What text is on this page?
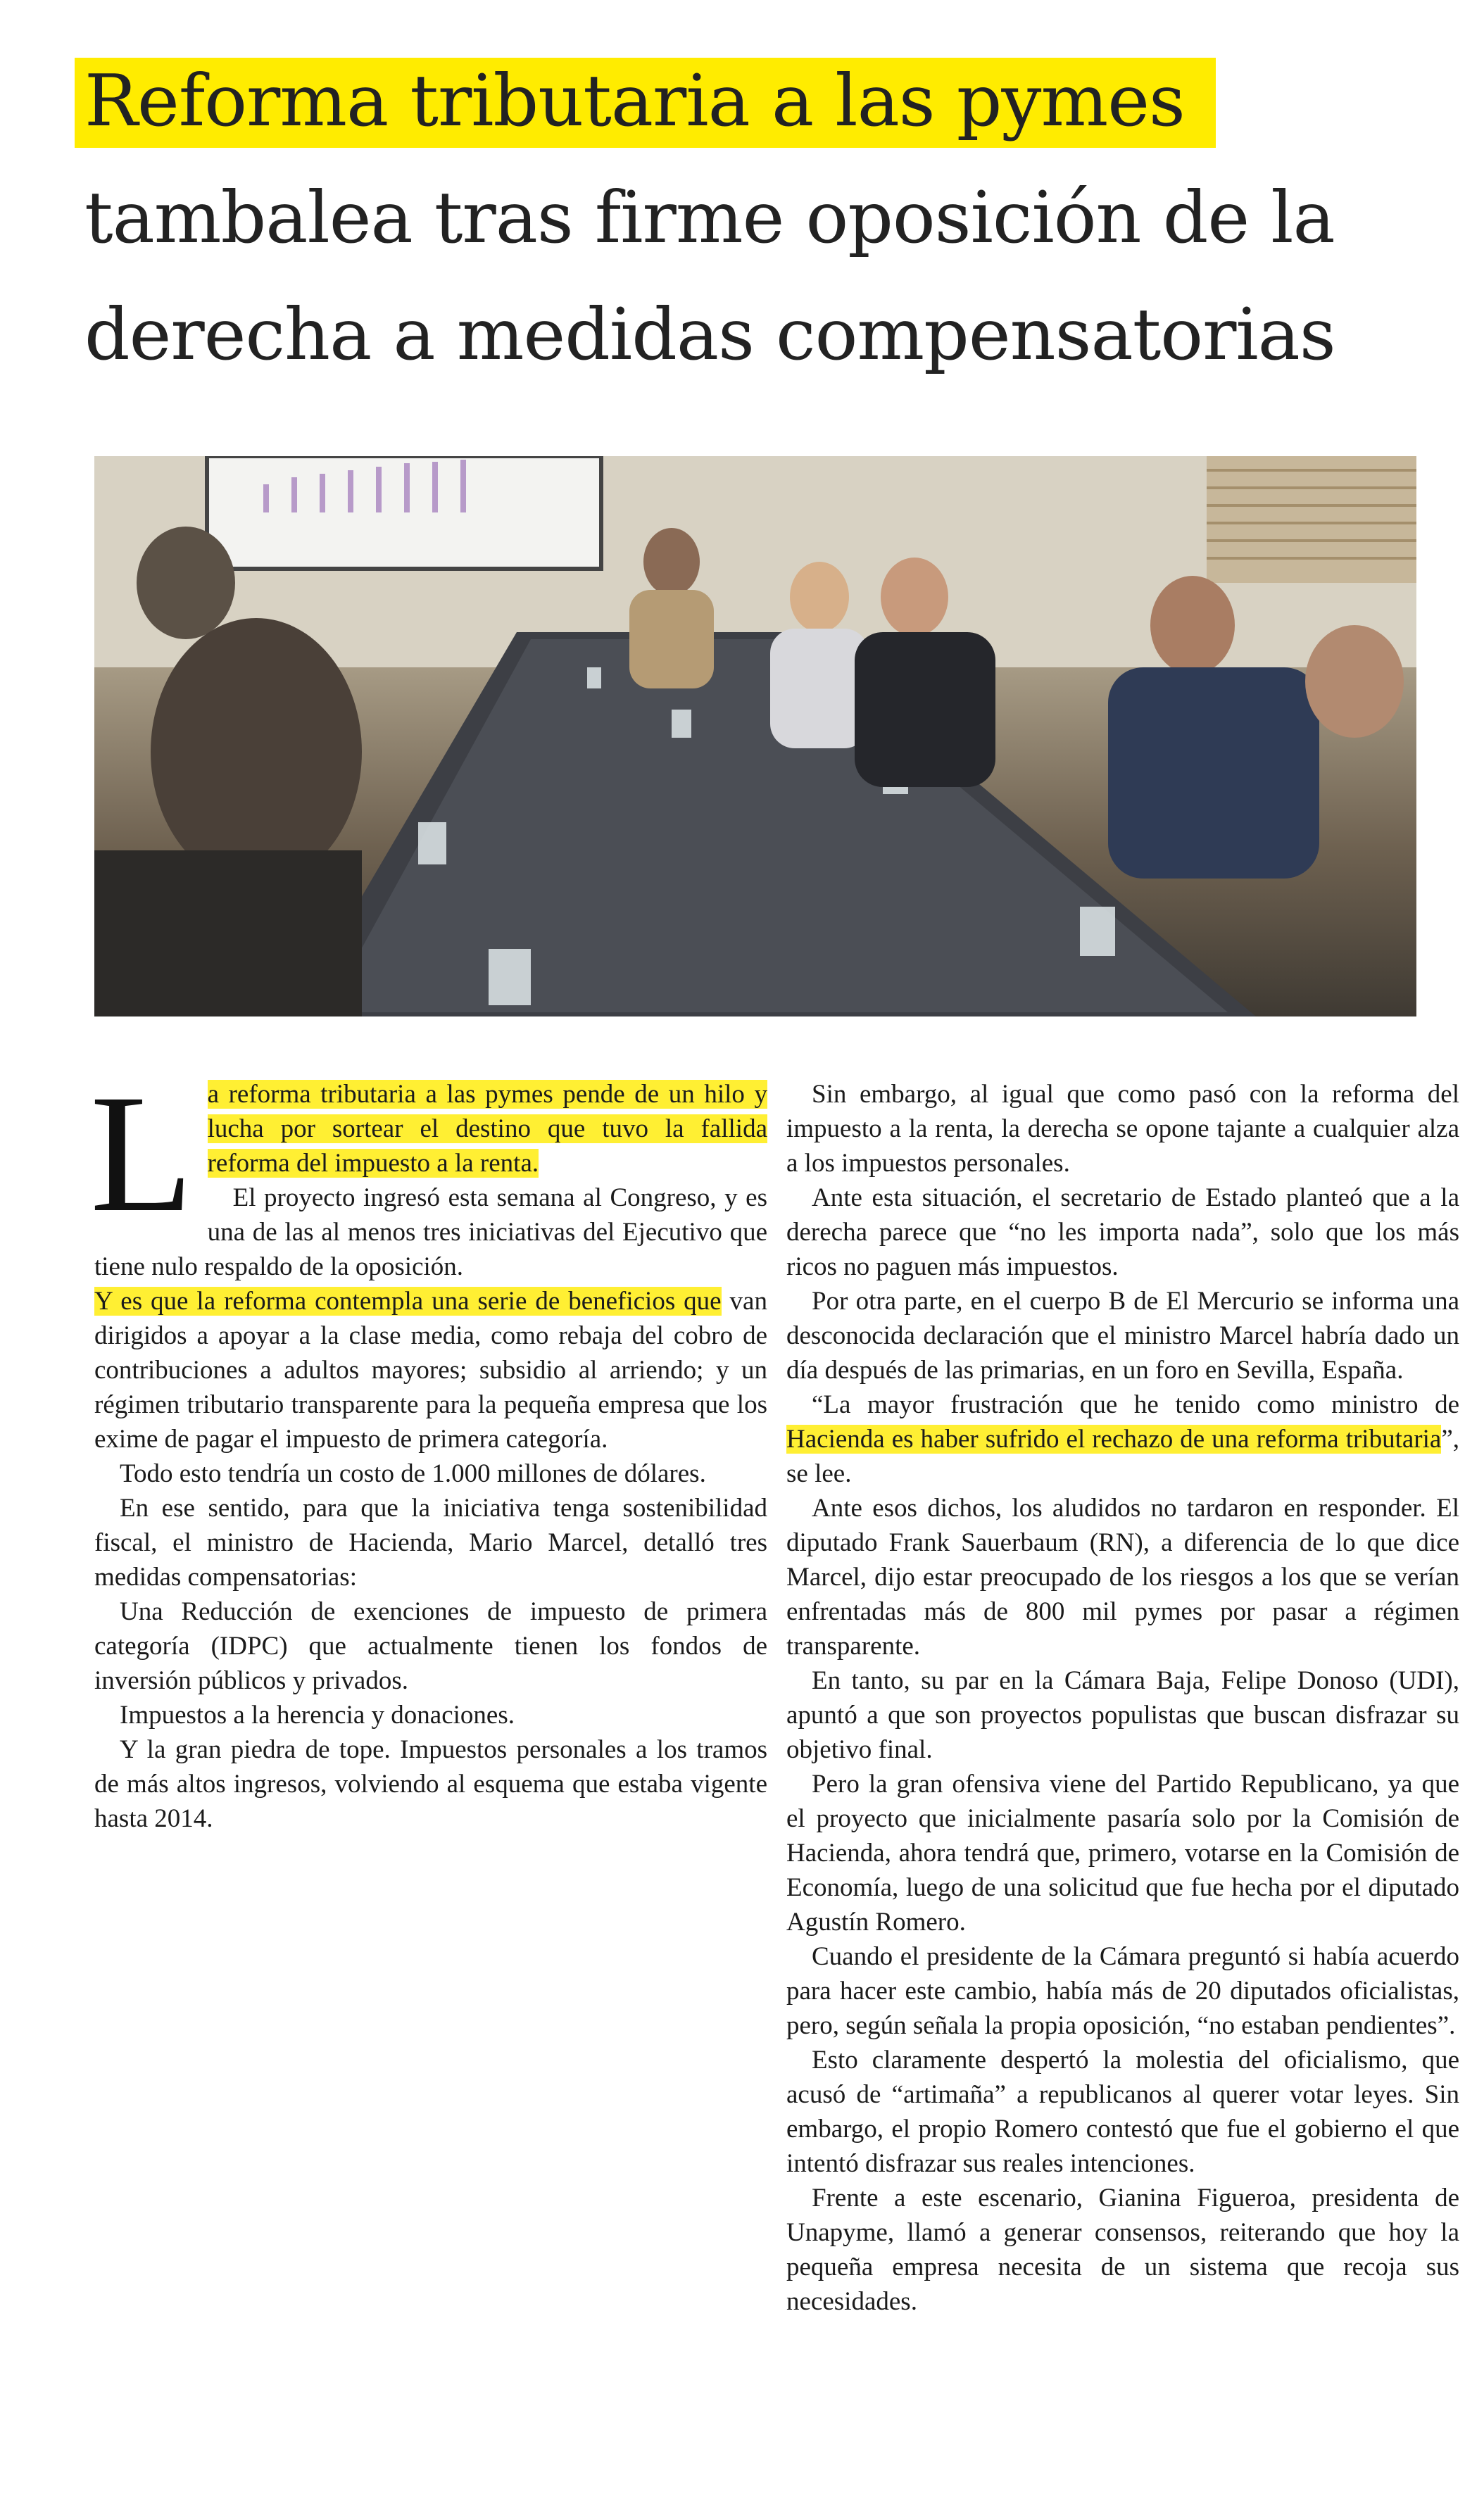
Reforma tributaria a las pymes
tambalea tras firme oposición de la derecha a medidas compensatorias
L a reforma tributaria a las pymes pende de un hilo y lucha por sortear el destino que tuvo la fallida reforma del impuesto a la renta.

El proyecto ingresó esta semana al Congreso, y es una de las al menos tres iniciativas del Ejecutivo que tiene nulo respaldo de la oposición.

Y es que la reforma contempla una serie de beneficios que van dirigidos a apoyar a la clase media, como rebaja del cobro de contribuciones a adultos mayores; subsidio al arriendo; y un régimen tributario transparente para la pequeña empresa que los exime de pagar el impuesto de primera categoría.

Todo esto tendría un costo de 1.000 millones de dólares.

En ese sentido, para que la iniciativa tenga sostenibilidad fiscal, el ministro de Hacienda, Mario Marcel, detalló tres medidas compensatorias:

Una Reducción de exenciones de impuesto de primera categoría (IDPC) que actualmente tienen los fondos de inversión públicos y privados.

Impuestos a la herencia y donaciones.

Y la gran piedra de tope. Impuestos personales a los tramos de más altos ingresos, volviendo al esquema que estaba vigente hasta 2014.

Sin embargo, al igual que como pasó con la reforma del impuesto a la renta, la derecha se opone tajante a cualquier alza a los impuestos personales.

Ante esta situación, el secretario de Estado planteó que a la derecha parece que “no les importa nada”, solo que los más ricos no paguen más impuestos.

Por otra parte, en el cuerpo B de El Mercurio se informa una desconocida declaración que el ministro Marcel habría dado un día después de las primarias, en un foro en Sevilla, España.

“La mayor frustración que he tenido como ministro de Hacienda es haber sufrido el rechazo de una reforma tributaria”, se lee.

Ante esos dichos, los aludidos no tardaron en responder. El diputado Frank Sauerbaum (RN), a diferencia de lo que dice Marcel, dijo estar preocupado de los riesgos a los que se verían enfrentadas más de 800 mil pymes por pasar a régimen transparente.

En tanto, su par en la Cámara Baja, Felipe Donoso (UDI), apuntó a que son proyectos populistas que buscan disfrazar su objetivo final.

Pero la gran ofensiva viene del Partido Republicano, ya que el proyecto que inicialmente pasaría solo por la Comisión de Hacienda, ahora tendrá que, primero, votarse en la Comisión de Economía, luego de una solicitud que fue hecha por el diputado Agustín Romero.

Cuando el presidente de la Cámara preguntó si había acuerdo para hacer este cambio, había más de 20 diputados oficialistas, pero, según señala la propia oposición, “no estaban pendientes”.

Esto claramente despertó la molestia del oficialismo, que acusó de “artimaña” a republicanos al querer votar leyes. Sin embargo, el propio Romero contestó que fue el gobierno el que intentó disfrazar sus reales intenciones.

Frente a este escenario, Gianina Figueroa, presidenta de Unapyme, llamó a generar consensos, reiterando que hoy la pequeña empresa necesita de un sistema que recoja sus necesidades.
